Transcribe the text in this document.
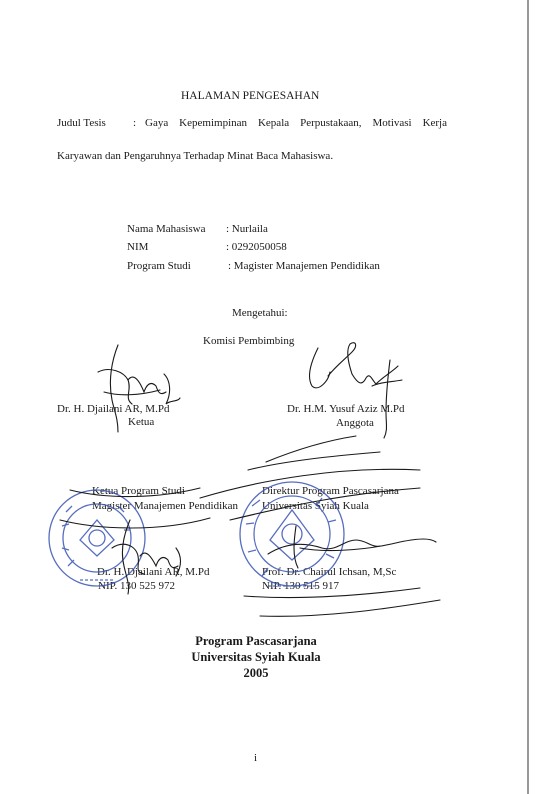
HALAMAN PENGESAHAN
Judul Tesis : Gaya Kepemimpinan Kepala Perpustakaan, Motivasi Kerja
Karyawan dan Pengaruhnya Terhadap Minat Baca Mahasiswa.
Nama Mahasiswa : Nurlaila
NIM	: 0292050058
Program Studi	: Magister Manajemen Pendidikan
Mengetahui:
Komisi Pembimbing
Dr. H. Djailani AR, M.Pd
Ketua
Dr. H.M. Yusuf Aziz M.Pd
Anggota
Ketua Program Studi
Magister Manajemen Pendidikan
Dr. H. Djailani AR, M.Pd
NIP. 130 525 972
Direktur Program Pascasarjana
Universitas Syiah Kuala
Prof. Dr. Chairul Ichsan, M,Sc
NIP. 130 515 917
Program Pascasarjana
Universitas Syiah Kuala
2005
i
